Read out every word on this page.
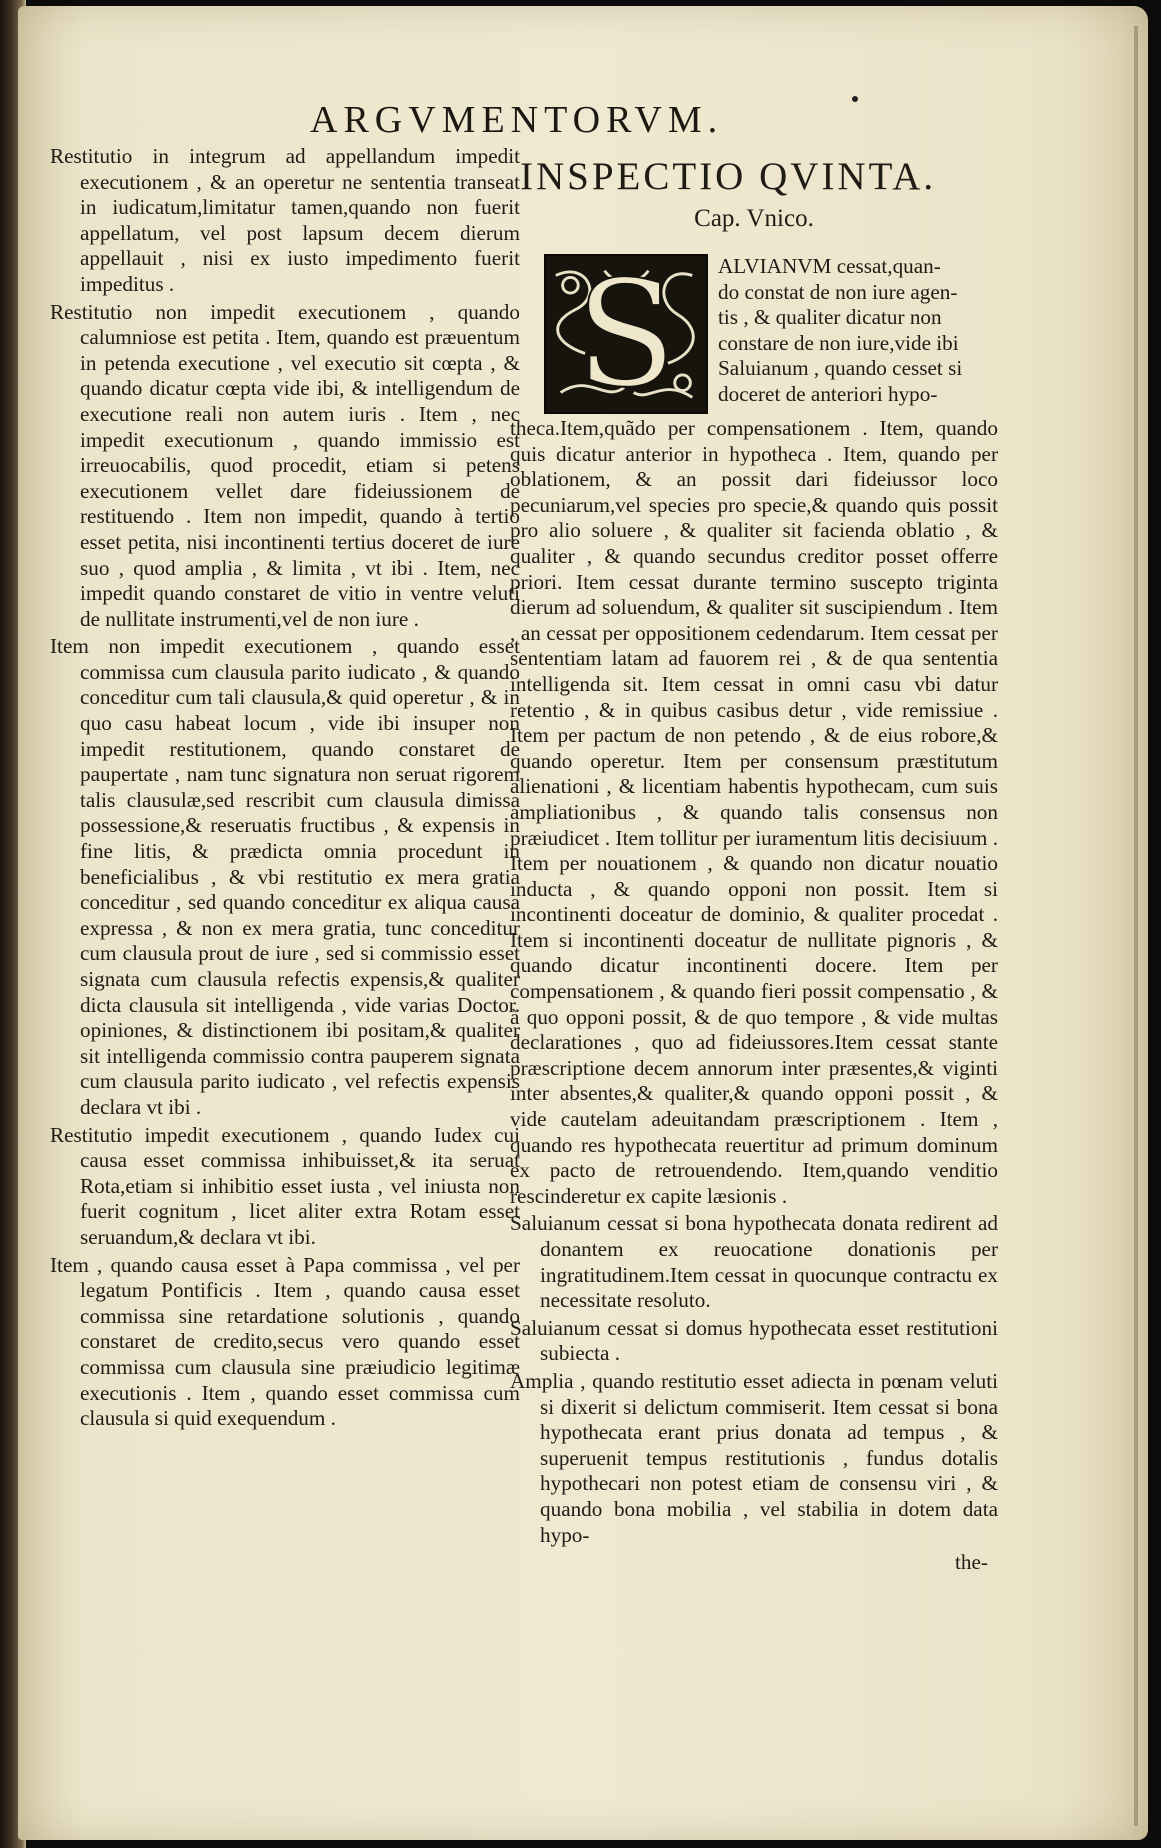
ARGVMENTORVM.

Restitutio in integrum ad appellandum impedit executionem , & an operetur ne sententia transeat in iudicatum,limitatur tamen,quando non fuerit appellatum, vel post lapsum decem dierum appellauit , nisi ex iusto impedimento fuerit impeditus .

Restitutio non impedit executionem , quando calumniose est petita . Item, quando est præuentum in petenda executione , vel executio sit cœpta , & quando dicatur cœpta vide ibi, & intelligendum de executione reali non autem iuris . Item , nec impedit executionum , quando immissio est irreuocabilis, quod procedit, etiam si petens executionem vellet dare fideiussionem de restituendo . Item non impedit, quando à tertio esset petita, nisi incontinenti tertius doceret de iure suo , quod amplia , & limita , vt ibi . Item, nec impedit quando constaret de vitio in ventre veluti de nullitate instrumenti,vel de non iure .

Item non impedit executionem , quando esset commissa cum clausula parito iudicato , & quando conceditur cum tali clausula,& quid operetur , & in quo casu habeat locum , vide ibi insuper non impedit restitutionem, quando constaret de paupertate , nam tunc signatura non seruat rigorem talis clausulæ,sed rescribit cum clausula dimissa possessione,& reseruatis fructibus , & expensis in fine litis, & prædicta omnia procedunt in beneficialibus , & vbi restitutio ex mera gratia conceditur , sed quando conceditur ex aliqua causa expressa , & non ex mera gratia, tunc conceditur cum clausula prout de iure , sed si commissio esset signata cum clausula refectis expensis,& qualiter dicta clausula sit intelligenda , vide varias Doctor. opiniones, & distinctionem ibi positam,& qualiter sit intelligenda commissio contra pauperem signata cum clausula parito iudicato , vel refectis expensis declara vt ibi .

Restitutio impedit executionem , quando Iudex cui causa esset commissa inhibuisset,& ita seruat Rota,etiam si inhibitio esset iusta , vel iniusta non fuerit cognitum , licet aliter extra Rotam esset seruandum,& declara vt ibi.

Item , quando causa esset à Papa commissa , vel per legatum Pontificis . Item , quando causa esset commissa sine retardatione solutionis , quando constaret de credito,secus vero quando esset commissa cum clausula sine præiudicio legitimæ executionis . Item , quando esset commissa cum clausula si quid exequendum .

INSPECTIO QVINTA.
Cap. Vnico.
S ALVIANVM cessat,quan-
do constat de non iure agen-
tis , & qualiter dicatur non
constare de non iure,vide ibi
Saluianum , quando cesset si
doceret de anteriori hypo-

theca.Item,quãdo per compensationem . Item, quando quis dicatur anterior in hypotheca . Item, quando per oblationem, & an possit dari fideiussor loco pecuniarum,vel species pro specie,& quando quis possit pro alio soluere , & qualiter sit facienda oblatio , & qualiter , & quando secundus creditor posset offerre priori. Item cessat durante termino suscepto triginta dierum ad soluendum, & qualiter sit suscipiendum . Item , an cessat per oppositionem cedendarum. Item cessat per sententiam latam ad fauorem rei , & de qua sententia intelligenda sit. Item cessat in omni casu vbi datur retentio , & in quibus casibus detur , vide remissiue . Item per pactum de non petendo , & de eius robore,& quando operetur. Item per consensum præstitutum alienationi , & licentiam habentis hypothecam, cum suis ampliationibus , & quando talis consensus non præiudicet . Item tollitur per iuramentum litis decisiuum . Item per nouationem , & quando non dicatur nouatio inducta , & quando opponi non possit. Item si incontinenti doceatur de dominio, & qualiter procedat . Item si incontinenti doceatur de nullitate pignoris , & quando dicatur incontinenti docere. Item per compensationem , & quando fieri possit compensatio , & à quo opponi possit, & de quo tempore , & vide multas declarationes , quo ad fideiussores.Item cessat stante præscriptione decem annorum inter præsentes,& viginti inter absentes,& qualiter,& quando opponi possit , & vide cautelam adeuitandam præscriptionem . Item , quando res hypothecata reuertitur ad primum dominum ex pacto de retrouendendo. Item,quando venditio rescinderetur ex capite læsionis .

Saluianum cessat si bona hypothecata donata redirent ad donantem ex reuocatione donationis per ingratitudinem.Item cessat in quocunque contractu ex necessitate resoluto.

Saluianum cessat si domus hypothecata esset restitutioni subiecta .

Amplia , quando restitutio esset adiecta in pœnam veluti si dixerit si delictum commiserit. Item cessat si bona hypothecata erant prius donata ad tempus , & superuenit tempus restitutionis , fundus dotalis hypothecari non potest etiam de consensu viri , & quando bona mobilia , vel stabilia in dotem data hypo-

the-
